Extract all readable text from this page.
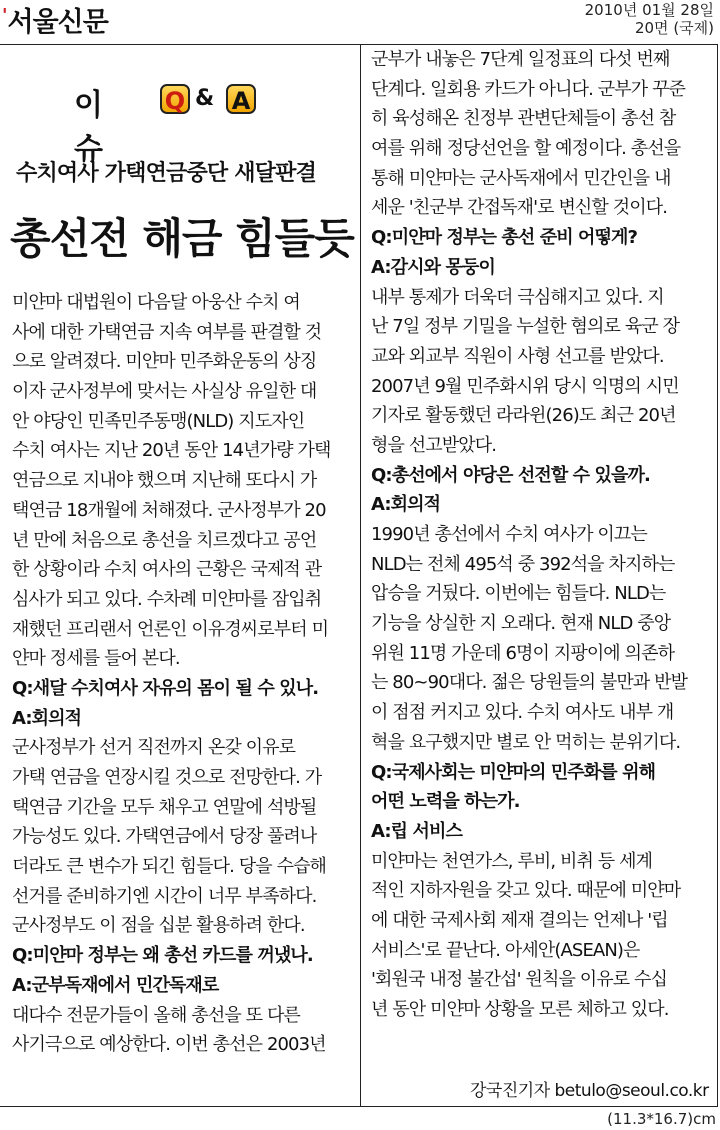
'서울신문	2010년 01월 28일
20면 (국제)
이슈
Q & A
수치여사 가택연금중단 새달판결
총선전 해금 힘들듯
미얀마 대법원이 다음달 아웅산 수치 여
사에 대한 가택연금 지속 여부를 판결할 것
으로 알려졌다. 미얀마 민주화운동의 상징
이자 군사정부에 맞서는 사실상 유일한 대
안 야당인 민족민주동맹(NLD) 지도자인
수치 여사는 지난 20년 동안 14년가량 가택
연금으로 지내야 했으며 지난해 또다시 가
택연금 18개월에 처해졌다. 군사정부가 20
년 만에 처음으로 총선을 치르겠다고 공언
한 상황이라 수치 여사의 근황은 국제적 관
심사가 되고 있다. 수차례 미얀마를 잠입취
재했던 프리랜서 언론인 이유경씨로부터 미
얀마 정세를 들어 본다.
Q:새달 수치여사 자유의 몸이 될 수 있나.
A:회의적
군사정부가 선거 직전까지 온갖 이유로
가택 연금을 연장시킬 것으로 전망한다. 가
택연금 기간을 모두 채우고 연말에 석방될
가능성도 있다. 가택연금에서 당장 풀려나
더라도 큰 변수가 되긴 힘들다. 당을 수습해
선거를 준비하기엔 시간이 너무 부족하다.
군사정부도 이 점을 십분 활용하려 한다.
Q:미얀마 정부는 왜 총선 카드를 꺼냈나.
A:군부독재에서 민간독재로
대다수 전문가들이 올해 총선을 또 다른
사기극으로 예상한다. 이번 총선은 2003년
군부가 내놓은 7단계 일정표의 다섯 번째
단계다. 일회용 카드가 아니다. 군부가 꾸준
히 육성해온 친정부 관변단체들이 총선 참
여를 위해 정당선언을 할 예정이다. 총선을
통해 미얀마는 군사독재에서 민간인을 내
세운 '친군부 간접독재'로 변신할 것이다.
Q:미얀마 정부는 총선 준비 어떻게?
A:감시와 몽둥이
내부 통제가 더욱더 극심해지고 있다. 지
난 7일 정부 기밀을 누설한 혐의로 육군 장
교와 외교부 직원이 사형 선고를 받았다.
2007년 9월 민주화시위 당시 익명의 시민
기자로 활동했던 라라윈(26)도 최근 20년
형을 선고받았다.
Q:총선에서 야당은 선전할 수 있을까.
A:회의적
1990년 총선에서 수치 여사가 이끄는
NLD는 전체 495석 중 392석을 차지하는
압승을 거뒀다. 이번에는 힘들다. NLD는
기능을 상실한 지 오래다. 현재 NLD 중앙
위원 11명 가운데 6명이 지팡이에 의존하
는 80~90대다. 젊은 당원들의 불만과 반발
이 점점 커지고 있다. 수치 여사도 내부 개
혁을 요구했지만 별로 안 먹히는 분위기다.
Q:국제사회는 미얀마의 민주화를 위해
어떤 노력을 하는가.
A:립 서비스
미얀마는 천연가스, 루비, 비취 등 세계
적인 지하자원을 갖고 있다. 때문에 미얀마
에 대한 국제사회 제재 결의는 언제나 '립
서비스'로 끝난다. 아세안(ASEAN)은
'회원국 내정 불간섭' 원칙을 이유로 수십
년 동안 미얀마 상황을 모른 체하고 있다.
강국진기자 betulo@seoul.co.kr
(11.3*16.7)cm
